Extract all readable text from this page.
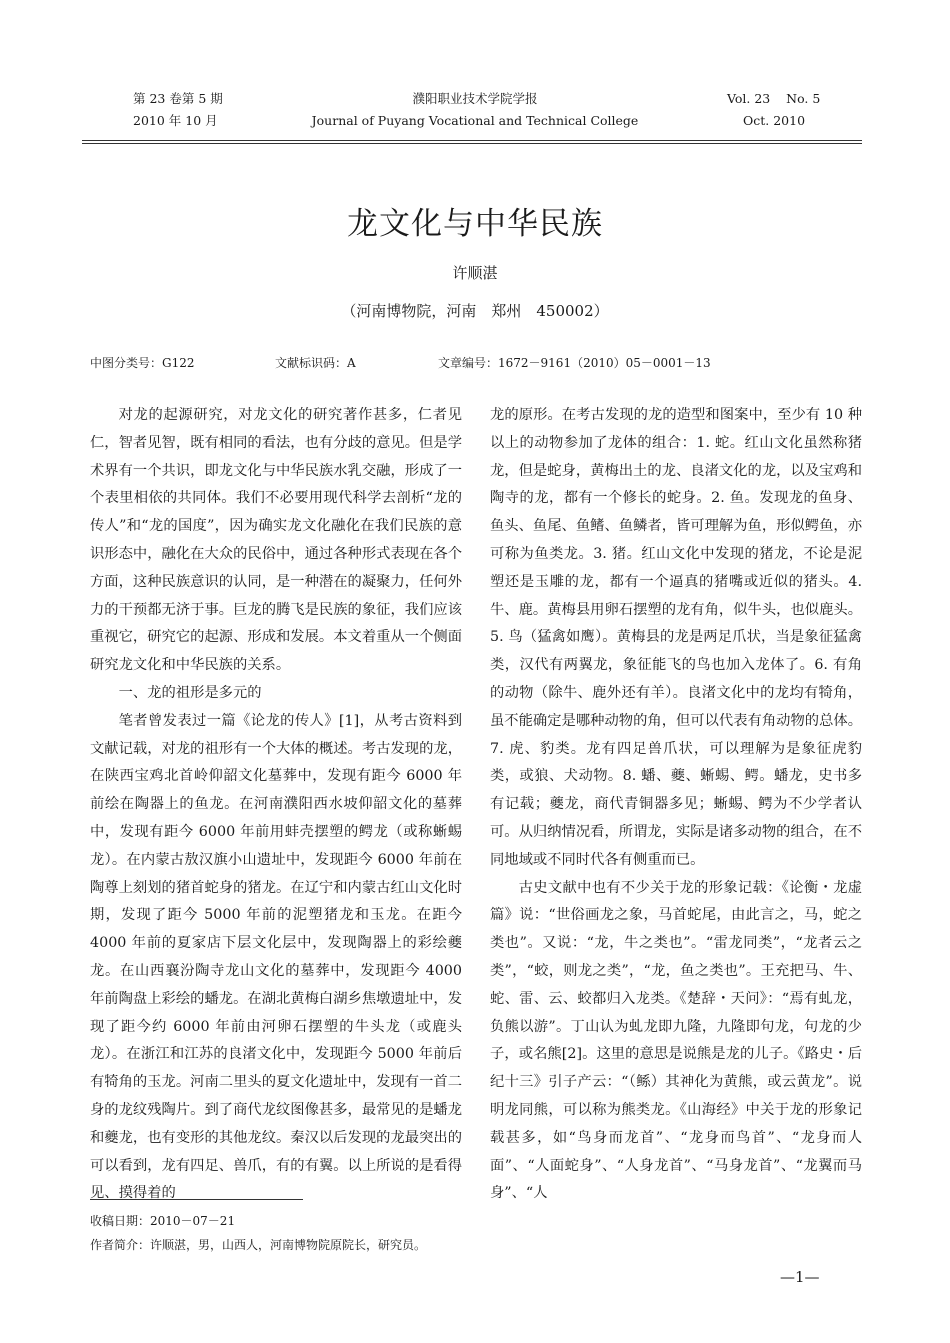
第 23 卷第 5 期
2010 年 10 月
濮阳职业技术学院学报
Journal of Puyang Vocational and Technical College
Vol. 23    No. 5
Oct. 2010
龙文化与中华民族
许顺湛
（河南博物院，河南　郑州　450002）
中图分类号：G122	文献标识码：A	文章编号：1672－9161（2010）05－0001－13

对龙的起源研究，对龙文化的研究著作甚多，仁者见仁，智者见智，既有相同的看法，也有分歧的意见。但是学术界有一个共识，即龙文化与中华民族水乳交融，形成了一个表里相依的共同体。我们不必要用现代科学去剖析“龙的传人”和“龙的国度”，因为确实龙文化融化在我们民族的意识形态中，融化在大众的民俗中，通过各种形式表现在各个方面，这种民族意识的认同，是一种潜在的凝聚力，任何外力的干预都无济于事。巨龙的腾飞是民族的象征，我们应该重视它，研究它的起源、形成和发展。本文着重从一个侧面研究龙文化和中华民族的关系。

一、龙的祖形是多元的

笔者曾发表过一篇《论龙的传人》[1]，从考古资料到文献记载，对龙的祖形有一个大体的概述。考古发现的龙，在陕西宝鸡北首岭仰韶文化墓葬中，发现有距今 6000 年前绘在陶器上的鱼龙。在河南濮阳西水坡仰韶文化的墓葬中，发现有距今 6000 年前用蚌壳摆塑的鳄龙（或称蜥蜴龙）。在内蒙古敖汉旗小山遗址中，发现距今 6000 年前在陶尊上刻划的猪首蛇身的猪龙。在辽宁和内蒙古红山文化时期，发现了距今 5000 年前的泥塑猪龙和玉龙。在距今 4000 年前的夏家店下层文化层中，发现陶器上的彩绘夔龙。在山西襄汾陶寺龙山文化的墓葬中，发现距今 4000 年前陶盘上彩绘的蟠龙。在湖北黄梅白湖乡焦墩遗址中，发现了距今约 6000 年前由河卵石摆塑的牛头龙（或鹿头龙）。在浙江和江苏的良渚文化中，发现距今 5000 年前后有犄角的玉龙。河南二里头的夏文化遗址中，发现有一首二身的龙纹残陶片。到了商代龙纹图像甚多，最常见的是蟠龙和夔龙，也有变形的其他龙纹。秦汉以后发现的龙最突出的可以看到，龙有四足、兽爪，有的有翼。以上所说的是看得见、摸得着的

龙的原形。在考古发现的龙的造型和图案中，至少有 10 种以上的动物参加了龙体的组合：1. 蛇。红山文化虽然称猪龙，但是蛇身，黄梅出土的龙、良渚文化的龙，以及宝鸡和陶寺的龙，都有一个修长的蛇身。2. 鱼。发现龙的鱼身、鱼头、鱼尾、鱼鳍、鱼鳞者，皆可理解为鱼，形似鳄鱼，亦可称为鱼类龙。3. 猪。红山文化中发现的猪龙，不论是泥塑还是玉雕的龙，都有一个逼真的猪嘴或近似的猪头。4. 牛、鹿。黄梅县用卵石摆塑的龙有角，似牛头，也似鹿头。5. 鸟（猛禽如鹰）。黄梅县的龙是两足爪状，当是象征猛禽类，汉代有两翼龙，象征能飞的鸟也加入龙体了。6. 有角的动物（除牛、鹿外还有羊）。良渚文化中的龙均有犄角，虽不能确定是哪种动物的角，但可以代表有角动物的总体。7. 虎、豹类。龙有四足兽爪状，可以理解为是象征虎豹类，或狼、犬动物。8. 蟠、夔、蜥蜴、鳄。蟠龙，史书多有记载；夔龙，商代青铜器多见；蜥蜴、鳄为不少学者认可。从归纳情况看，所谓龙，实际是诸多动物的组合，在不同地域或不同时代各有侧重而已。

古史文献中也有不少关于龙的形象记载：《论衡・龙虚篇》说：“世俗画龙之象，马首蛇尾，由此言之，马，蛇之类也”。又说：“龙，牛之类也”。“雷龙同类”，“龙者云之类”，“蛟，则龙之类”，“龙，鱼之类也”。王充把马、牛、蛇、雷、云、蛟都归入龙类。《楚辞・天问》：“焉有虬龙，负熊以游”。丁山认为虬龙即九隆，九隆即句龙，句龙的少子，或名熊[2]。这里的意思是说熊是龙的儿子。《路史・后纪十三》引子产云：“（鲧）其神化为黄熊，或云黄龙”。说明龙同熊，可以称为熊类龙。《山海经》中关于龙的形象记载甚多，如“鸟身而龙首”、“龙身而鸟首”、“龙身而人面”、“人面蛇身”、“人身龙首”、“马身龙首”、“龙翼而马身”、“人

收稿日期：2010－07－21
作者简介：许顺湛，男，山西人，河南博物院原院长，研究员。
—1—
